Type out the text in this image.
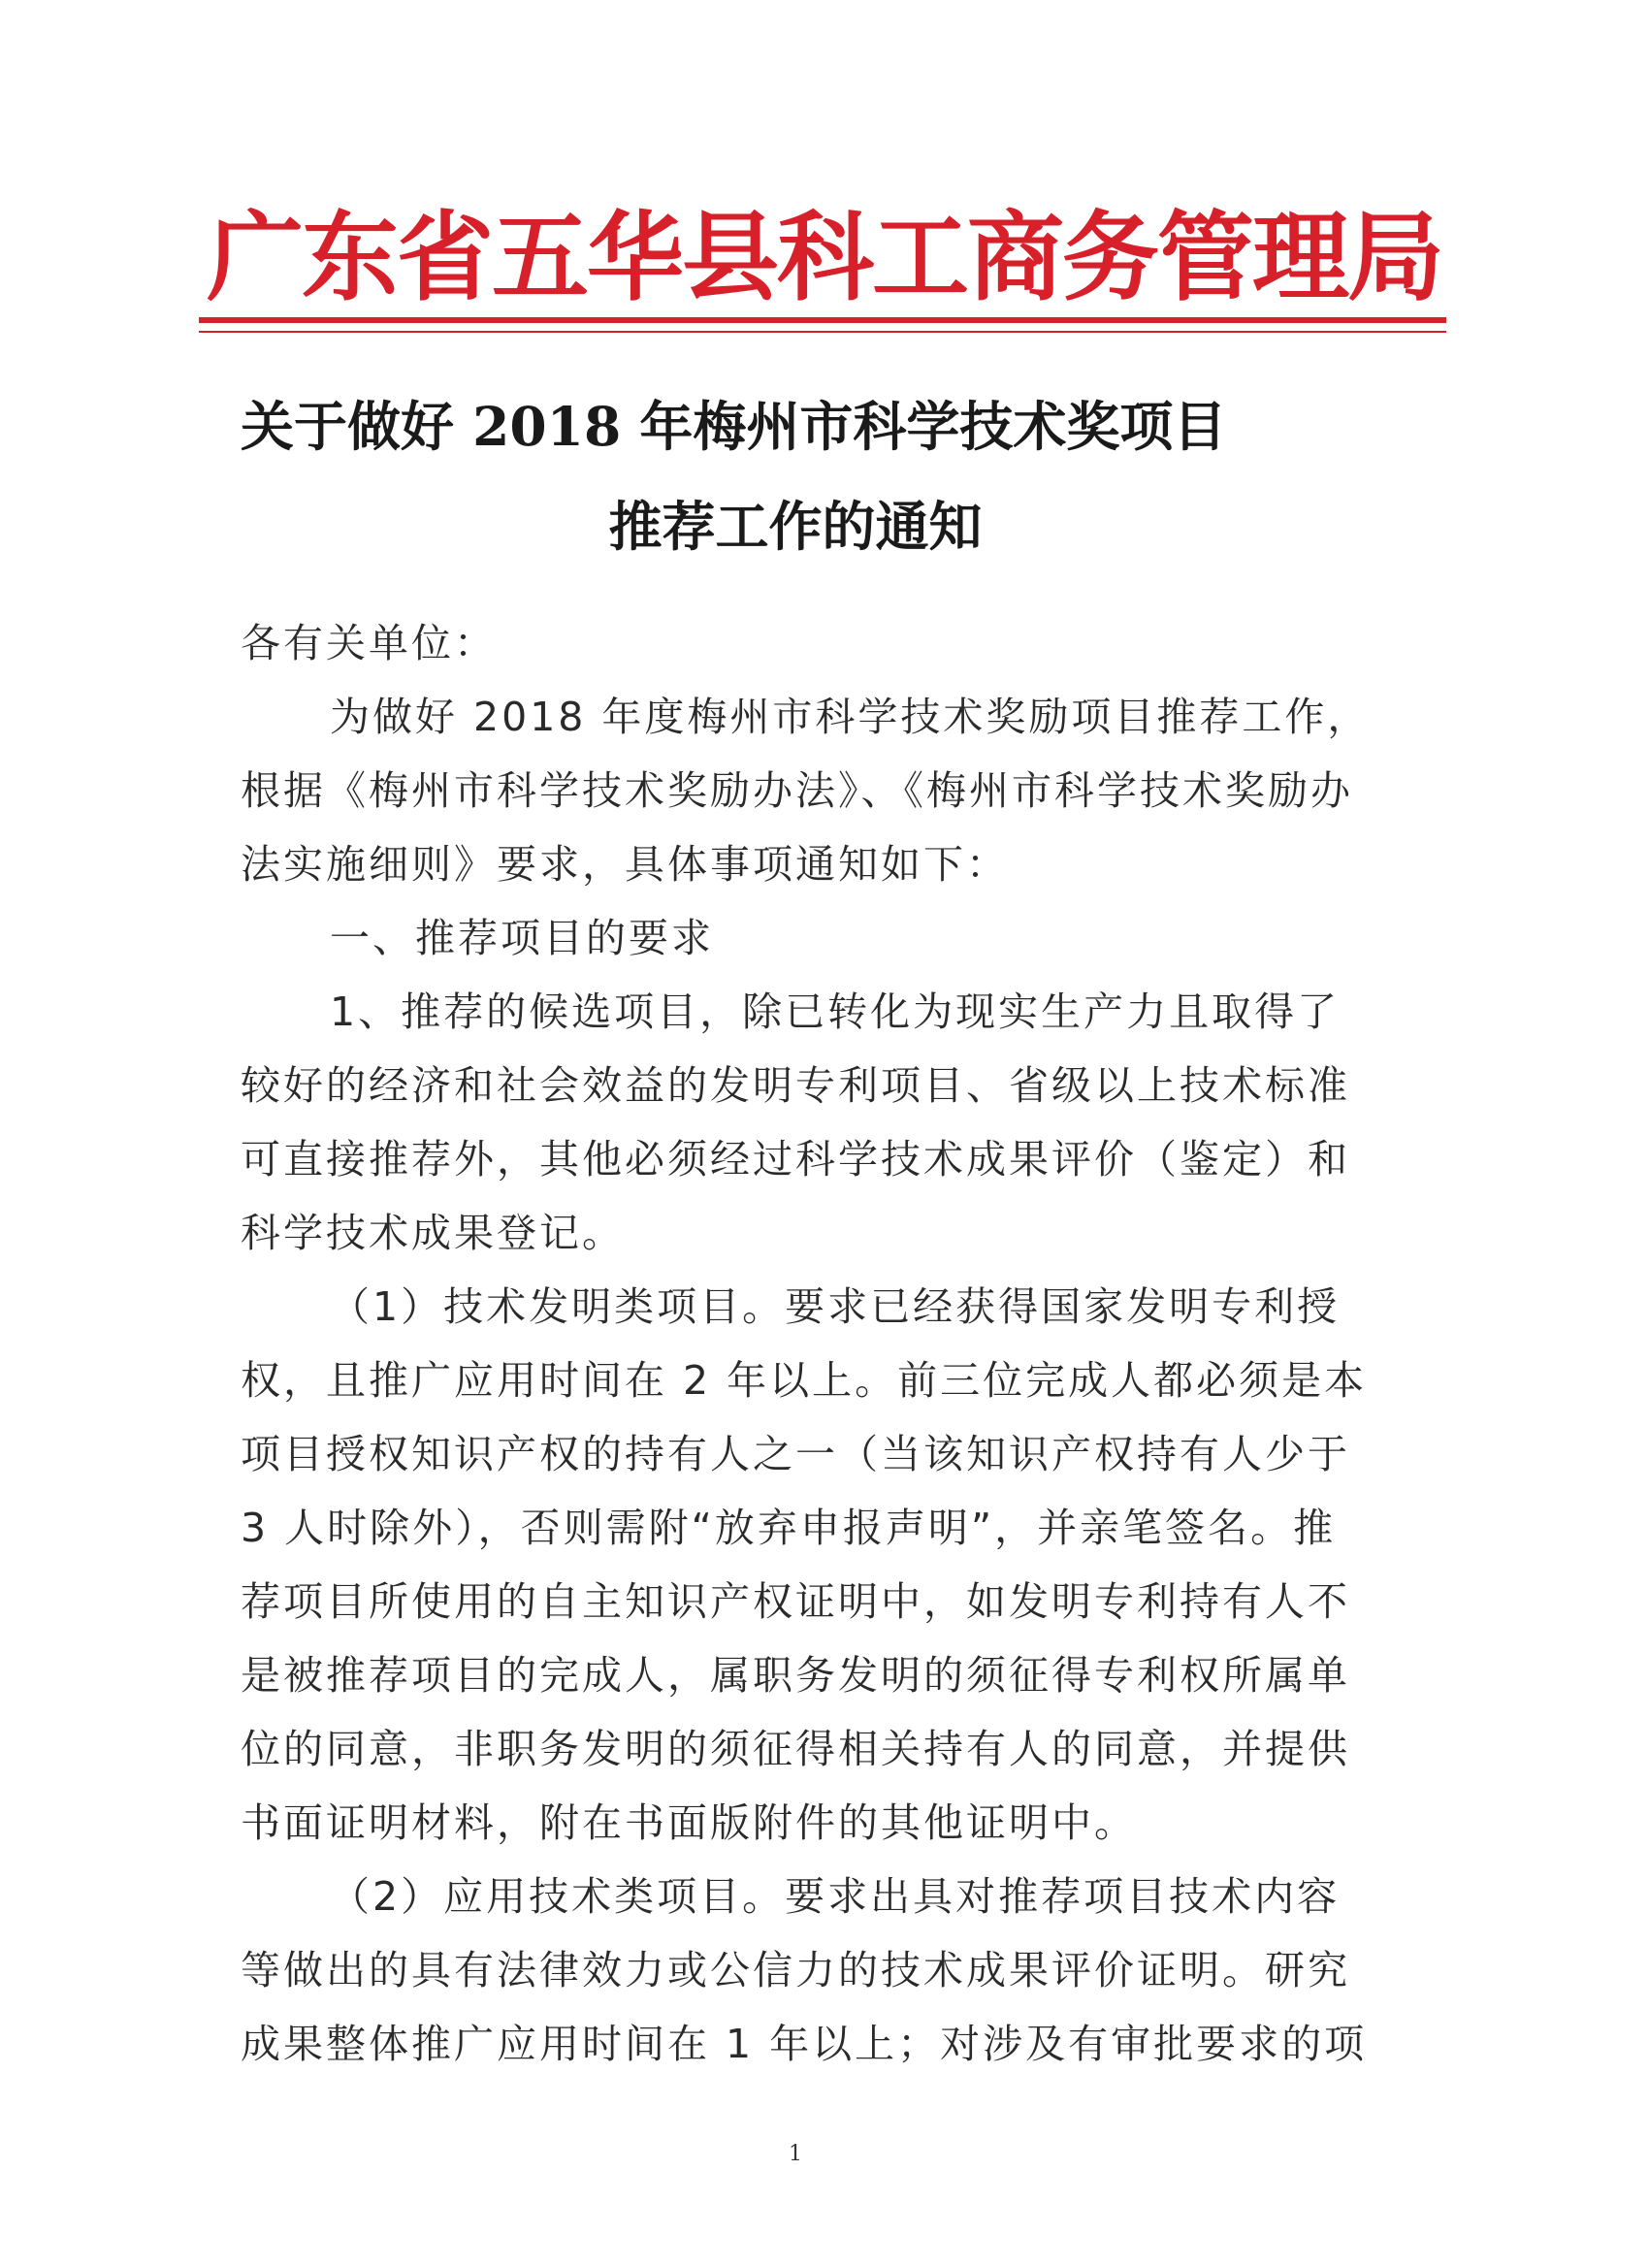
广东省五华县科工商务管理局
关于做好 2018 年梅州市科学技术奖项目
推荐工作的通知
各有关单位：
为做好 2018 年度梅州市科学技术奖励项目推荐工作，
根据《梅州市科学技术奖励办法》、《梅州市科学技术奖励办
法实施细则》要求，具体事项通知如下：
一、推荐项目的要求
1、推荐的候选项目，除已转化为现实生产力且取得了
较好的经济和社会效益的发明专利项目、省级以上技术标准
可直接推荐外，其他必须经过科学技术成果评价（鉴定）和
科学技术成果登记。
（1）技术发明类项目。要求已经获得国家发明专利授
权，且推广应用时间在 2 年以上。前三位完成人都必须是本
项目授权知识产权的持有人之一（当该知识产权持有人少于
3 人时除外），否则需附“放弃申报声明”，并亲笔签名。推
荐项目所使用的自主知识产权证明中，如发明专利持有人不
是被推荐项目的完成人，属职务发明的须征得专利权所属单
位的同意，非职务发明的须征得相关持有人的同意，并提供
书面证明材料，附在书面版附件的其他证明中。
（2）应用技术类项目。要求出具对推荐项目技术内容
等做出的具有法律效力或公信力的技术成果评价证明。研究
成果整体推广应用时间在 1 年以上；对涉及有审批要求的项
1
